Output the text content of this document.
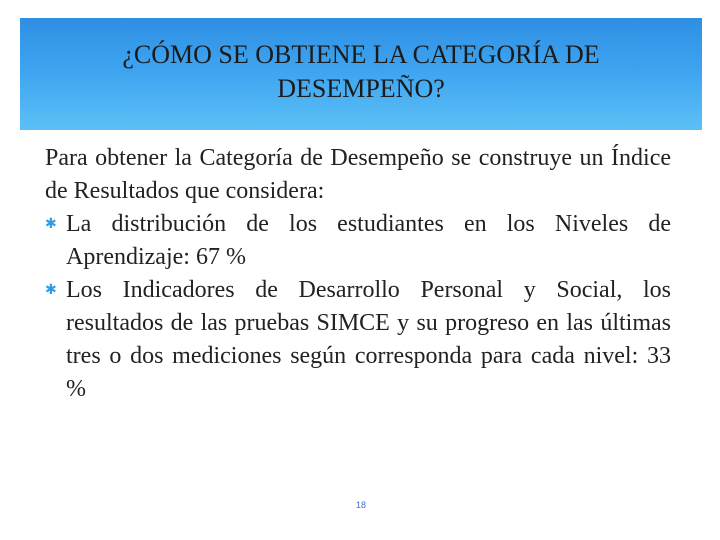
¿CÓMO SE OBTIENE LA CATEGORÍA DE DESEMPEÑO?

Para obtener la Categoría de Desempeño se construye un Índice de Resultados que considera:

✱ La distribución de los estudiantes en los Niveles de Aprendizaje: 67 %
✱ Los Indicadores de Desarrollo Personal y Social, los resultados de las pruebas SIMCE y su progreso en las últimas tres o dos mediciones según corresponda para cada nivel: 33 %
18
